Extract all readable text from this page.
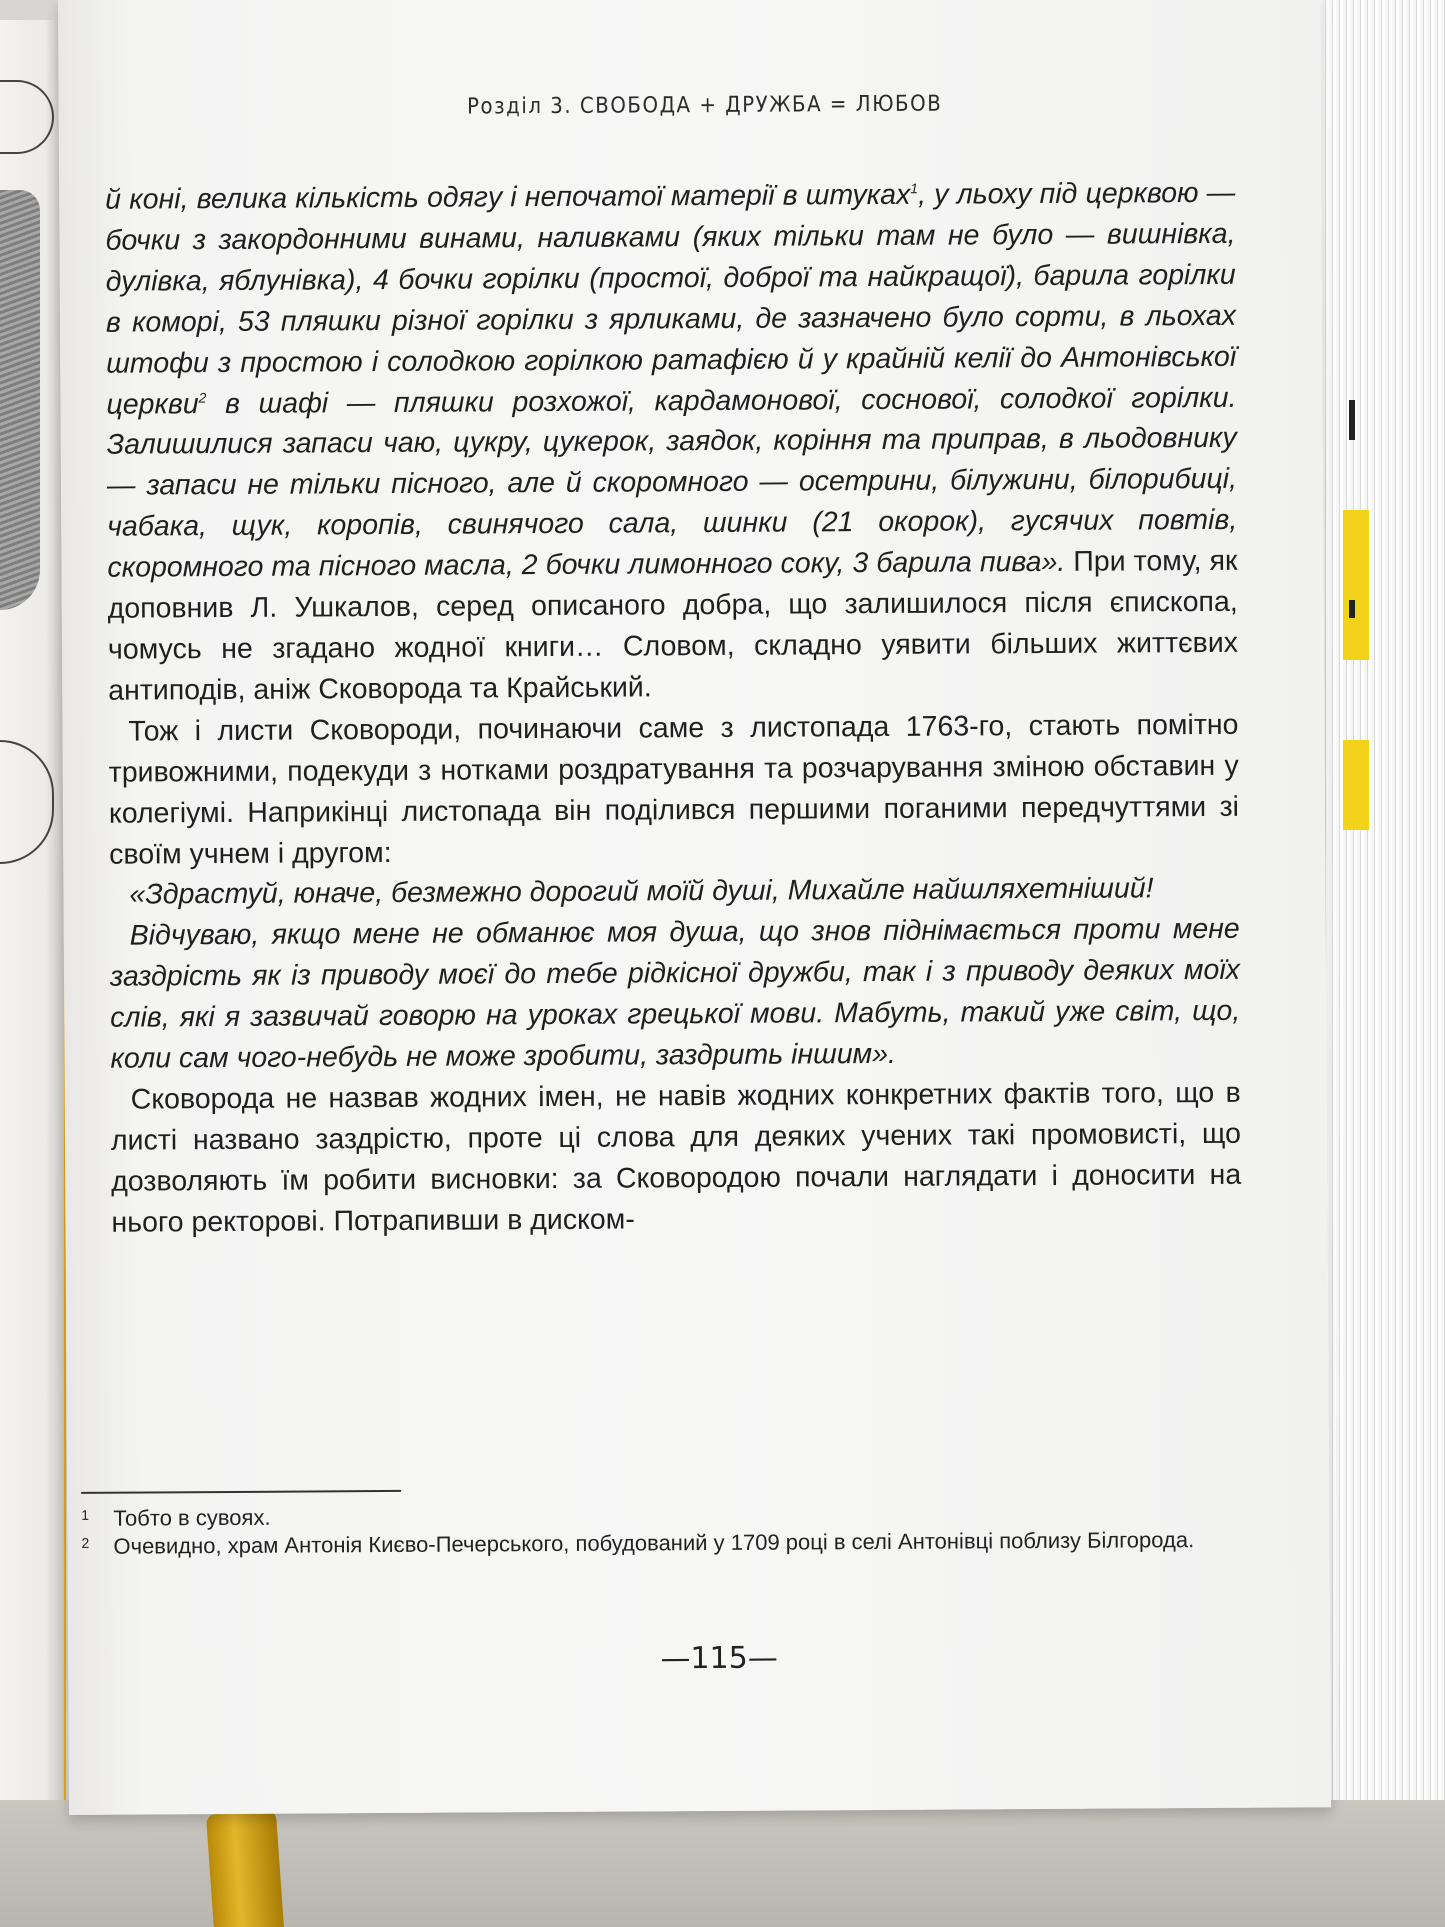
Розділ 3. СВОБОДА + ДРУЖБА = ЛЮБОВ

й коні, велика кількість одягу і непочатої матерії в штуках$^1$, у льоху під церквою — бочки з закордонними винами, наливками (яких тільки там не було — вишнівка, дулівка, яблунівка), 4 бочки горілки (простої, доброї та найкращої), барила горілки в коморі, 53 пляшки різної горілки з ярликами, де зазначено було сорти, в льохах штофи з простою і солодкою горілкою ратафією й у крайній келії до Антонівської церкви$^2$ в шафі — пляшки розхожої, кардамонової, соснової, солодкої горілки. Залишилися запаси чаю, цукру, цукерок, заядок, коріння та приправ, в льодовнику — запаси не тільки пісного, але й скоромного — осетрини, білужини, білорибиці, чабака, щук, коропів, свинячого сала, шинки (21 окорок), гусячих повтів, скоромного та пісного масла, 2 бочки лимонного соку, 3 барила пива». При тому, як доповнив Л. Ушкалов, серед описаного добра, що залишилося після єпископа, чомусь не згадано жодної книги… Словом, складно уявити більших життєвих антиподів, аніж Сковорода та Крайський.

Тож і листи Сковороди, починаючи саме з листопада 1763-го, стають помітно тривожними, подекуди з нотками роздратування та розчарування зміною обставин у колегіумі. Наприкінці листопада він поділився першими поганими передчуттями зі своїм учнем і другом:

«Здрастуй, юначе, безмежно дорогий моїй душі, Михайле найшляхетніший!

Відчуваю, якщо мене не обманює моя душа, що знов піднімається проти мене заздрість як із приводу моєї до тебе рідкісної дружби, так і з приводу деяких моїх слів, які я зазвичай говорю на уроках грецької мови. Мабуть, такий уже світ, що, коли сам чого-небудь не може зробити, заздрить іншим».

Сковорода не назвав жодних імен, не навів жодних конкретних фактів того, що в листі названо заздрістю, проте ці слова для деяких учених такі промовисті, що дозволяють їм робити висновки: за Сковородою почали наглядати і доносити на нього ректорові. Потрапивши в диском-

1	Тобто в сувоях.
2	Очевидно, храм Антонія Києво-Печерського, побудований у 1709 році в селі Антонівці поблизу Білгорода.
—115—
